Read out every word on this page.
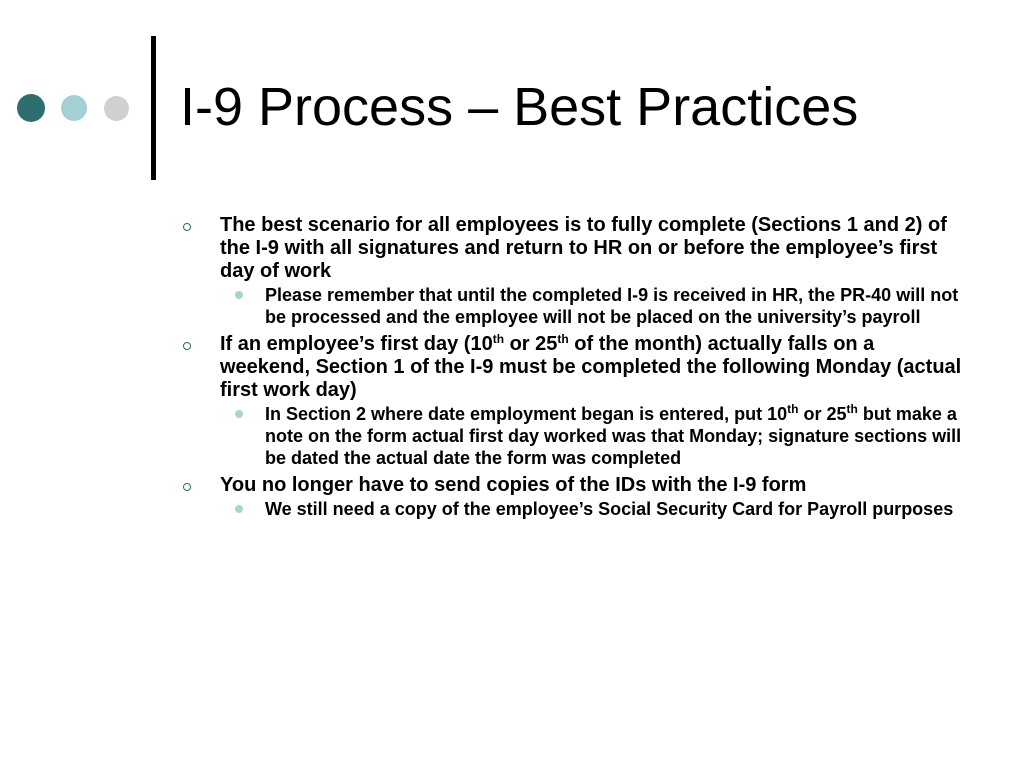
I-9 Process – Best Practices
The best scenario for all employees is to fully complete (Sections 1 and 2) of the I-9 with all signatures and return to HR on or before the employee’s first day of work
Please remember that until the completed I-9 is received in HR, the PR-40 will not be processed and the employee will not be placed on the university’s payroll
If an employee’s first day (10th or 25th of the month) actually falls on a weekend, Section 1 of the I-9 must be completed the following Monday (actual first work day)
In Section 2 where date employment began is entered, put 10th or 25th but make a note on the form actual first day worked was that Monday; signature sections will be dated the actual date the form was completed
You no longer have to send copies of the IDs with the I-9 form
We still need a copy of the employee’s Social Security Card for Payroll purposes
